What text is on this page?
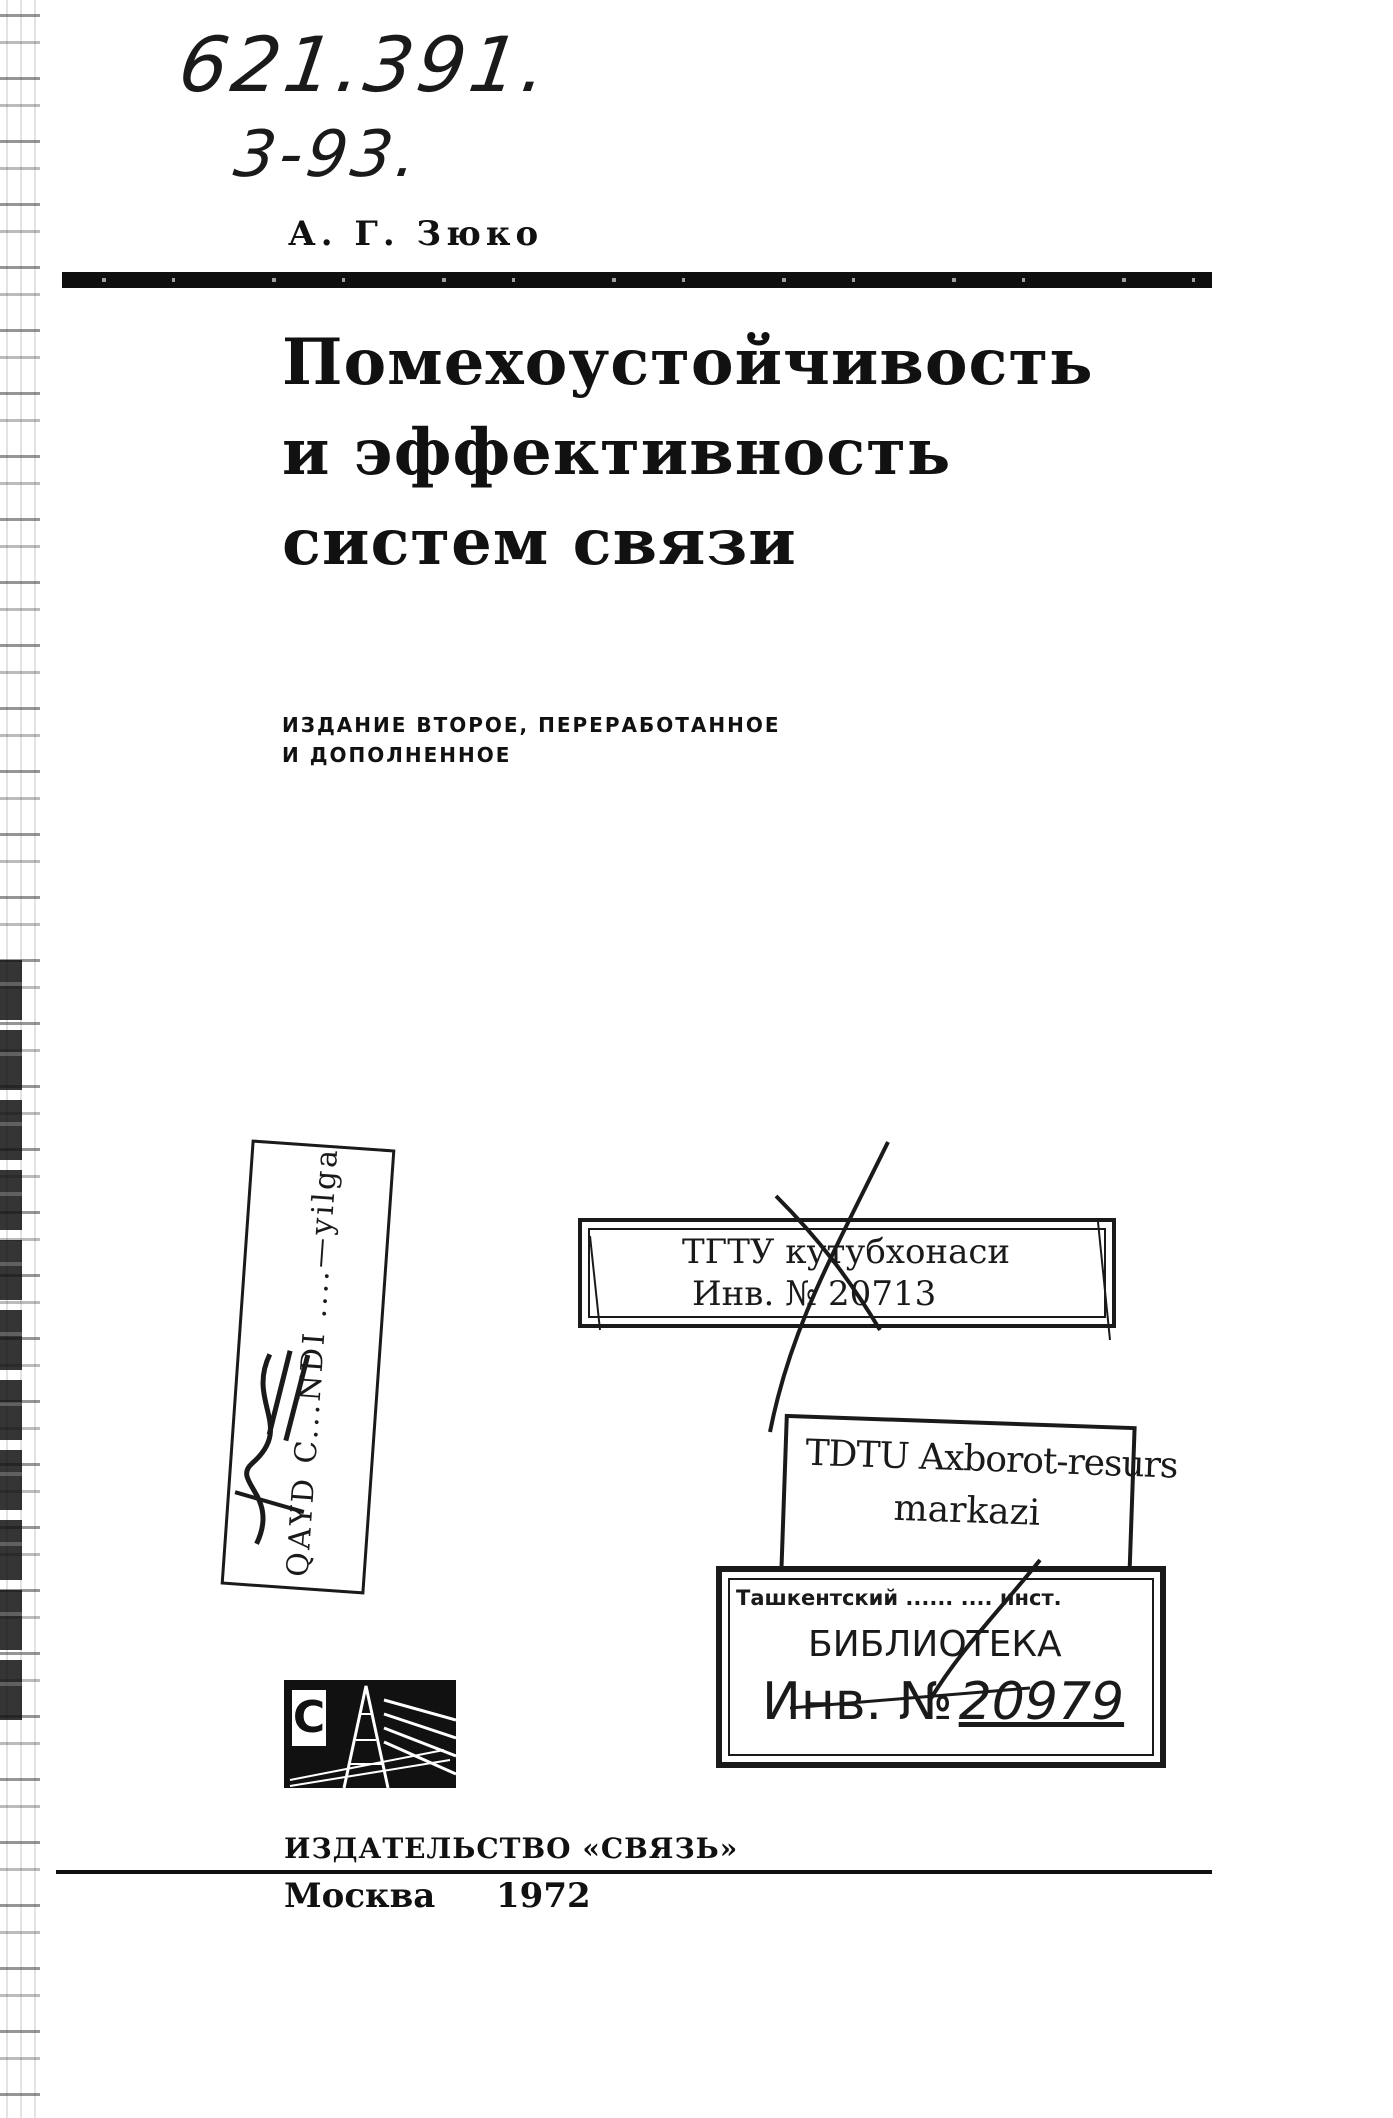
621.391.
3-93.
А. Г. Зюко
Помехоустойчивость
и эффективность
систем связи
ИЗДАНИЕ ВТОРОЕ, ПЕРЕРАБОТАННОЕ
И ДОПОЛНЕННОЕ
QAYD C...NDI ....—yilga	ТГТУ кутубхонаси
Инв. № 20713
TDTU Axborot-resurs
markazi
Ташкентский ...... .... инст.
БИБЛИОТЕКА
Инв. № 20979
С
ИЗДАТЕЛЬСТВО «СВЯЗЬ»
Москва 1972
